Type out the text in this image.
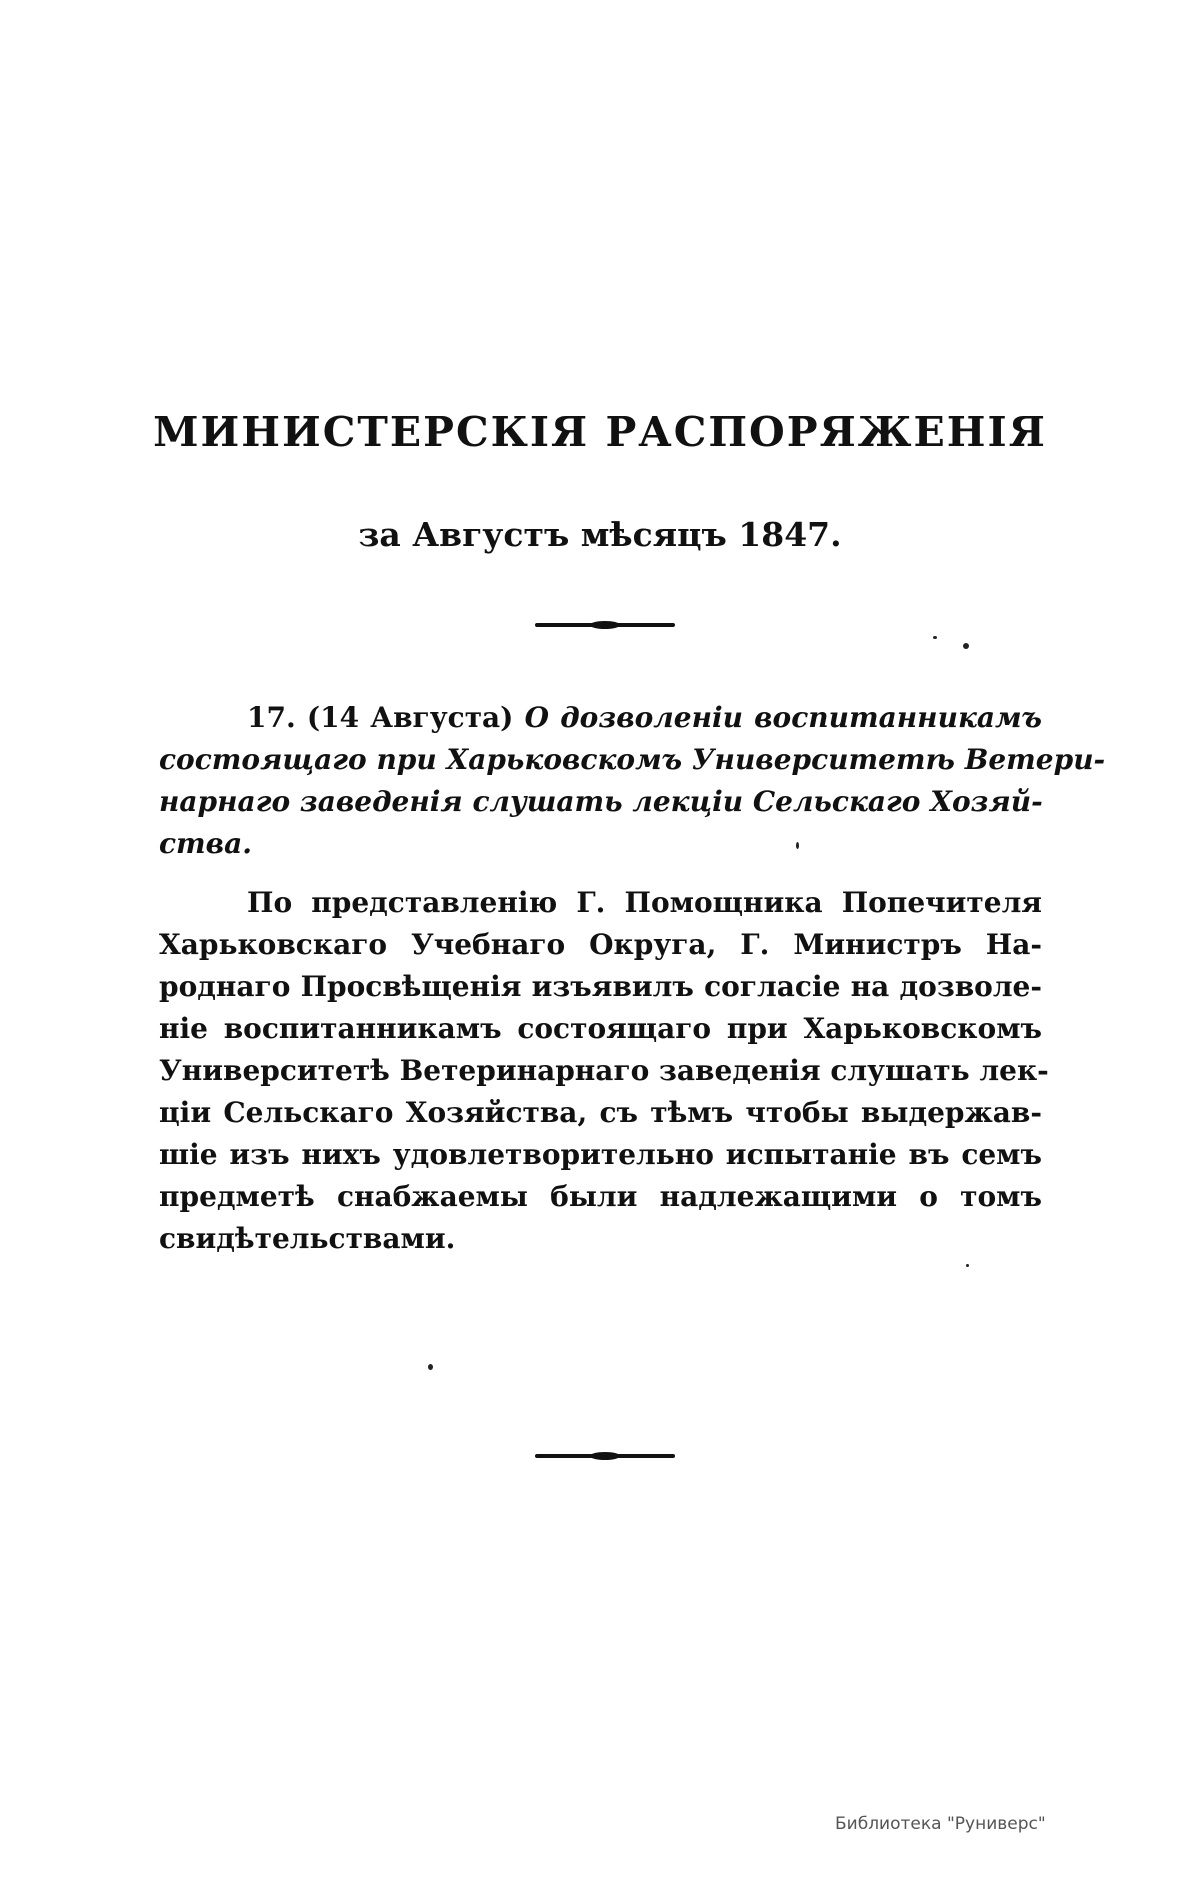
МИНИСТЕРСКІЯ РАСПОРЯЖЕНІЯ
за Августъ мѣсяцъ 1847.
17. (14 Августа) О дозволеніи воспитанникамъ
состоящаго при Харьковскомъ Университетѣ Ветери-
нарнаго заведенія слушать лекціи Сельскаго Хозяй-
ства.
По представленію Г. Помощника Попечителя
Харьковскаго Учебнаго Округа, Г. Министръ На-
роднаго Просвѣщенія изъявилъ согласіе на дозволе-
ніе воспитанникамъ состоящаго при Харьковскомъ
Университетѣ Ветеринарнаго заведенія слушать лек-
ціи Сельскаго Хозяйства, съ тѣмъ чтобы выдержав-
шіе изъ нихъ удовлетворительно испытаніе въ семъ
предметѣ снабжаемы были надлежащими о томъ
свидѣтельствами.
Библиотека "Руниверс"
